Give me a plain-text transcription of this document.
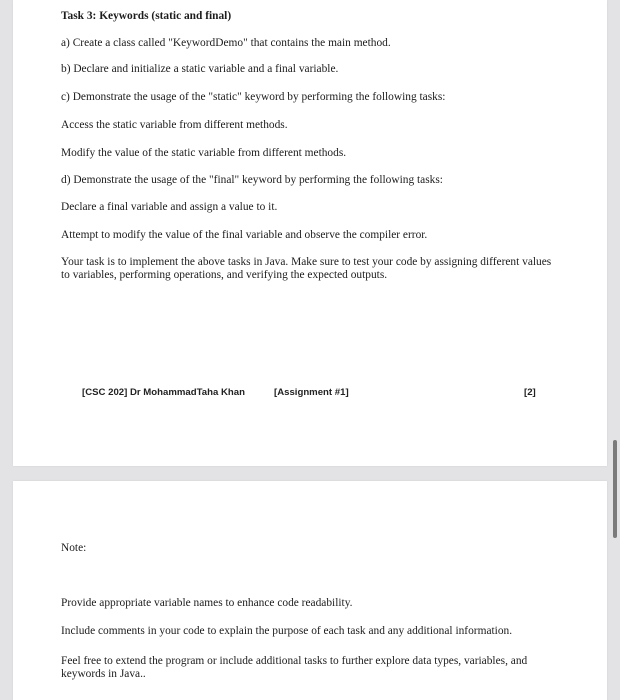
Task 3: Keywords (static and final)
a) Create a class called "KeywordDemo" that contains the main method.
b) Declare and initialize a static variable and a final variable.
c) Demonstrate the usage of the "static" keyword by performing the following tasks:
Access the static variable from different methods.
Modify the value of the static variable from different methods.
d) Demonstrate the usage of the "final" keyword by performing the following tasks:
Declare a final variable and assign a value to it.
Attempt to modify the value of the final variable and observe the compiler error.
Your task is to implement the above tasks in Java. Make sure to test your code by assigning different values to variables, performing operations, and verifying the expected outputs.
[CSC 202] Dr MohammadTaha Khan	[Assignment #1]	[2]
Note:
Provide appropriate variable names to enhance code readability.
Include comments in your code to explain the purpose of each task and any additional information.
Feel free to extend the program or include additional tasks to further explore data types, variables, and keywords in Java..
